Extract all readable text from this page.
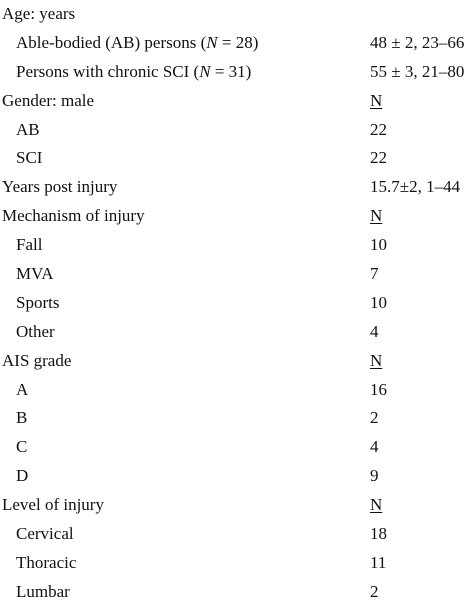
Age: years
Able-bodied (AB) persons (N = 28)	48 ± 2, 23–66
Persons with chronic SCI (N = 31)	55 ± 3, 21–80
Gender: male	N
AB	22
SCI	22
Years post injury	15.7±2, 1–44
Mechanism of injury	N
Fall	10
MVA	7
Sports	10
Other	4
AIS grade	N
A	16
B	2
C	4
D	9
Level of injury	N
Cervical	18
Thoracic	11
Lumbar	2
